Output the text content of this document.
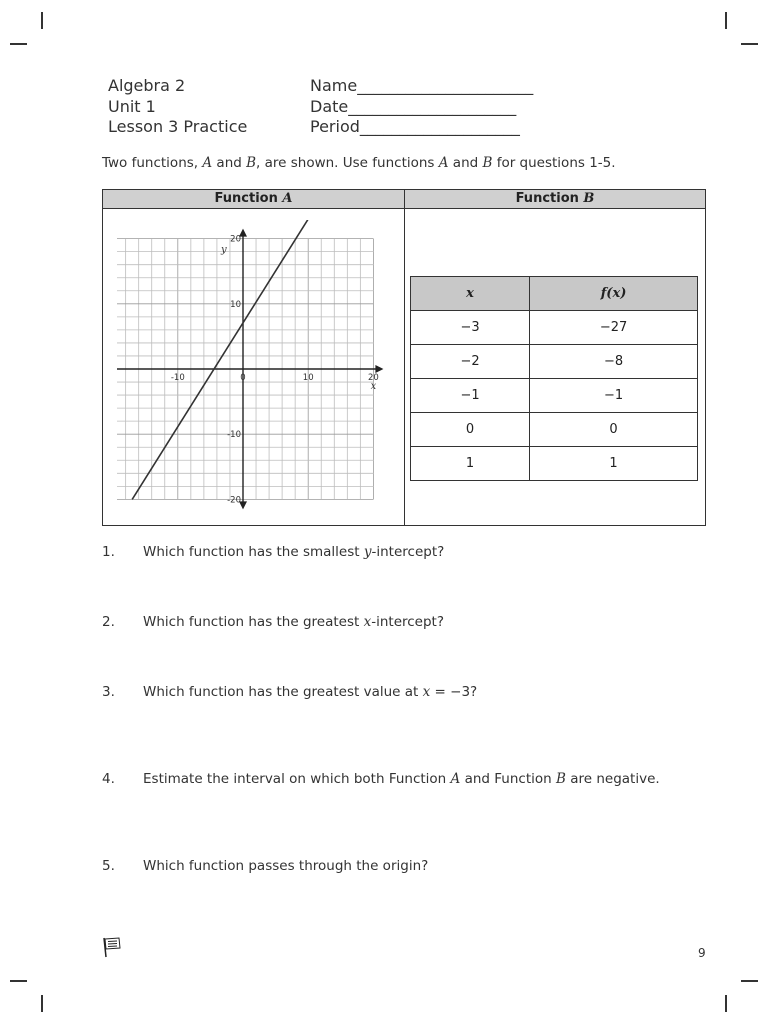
Algebra 2
Unit 1
Lesson 3 Practice
Name______________________
Date_____________________
Period____________________
Two functions, A and B, are shown. Use functions A and B for questions 1-5.
Function A	Function B
-10	0	10	20
20
10
-10
-20
x
y
x	f(x)
−3	−27
−2	−8
−1	−1
0	0
1	1
1. Which function has the smallest y-intercept?
2. Which function has the greatest x-intercept?
3. Which function has the greatest value at x = −3?
4. Estimate the interval on which both Function A and Function B are negative.
5. Which function passes through the origin?
9
